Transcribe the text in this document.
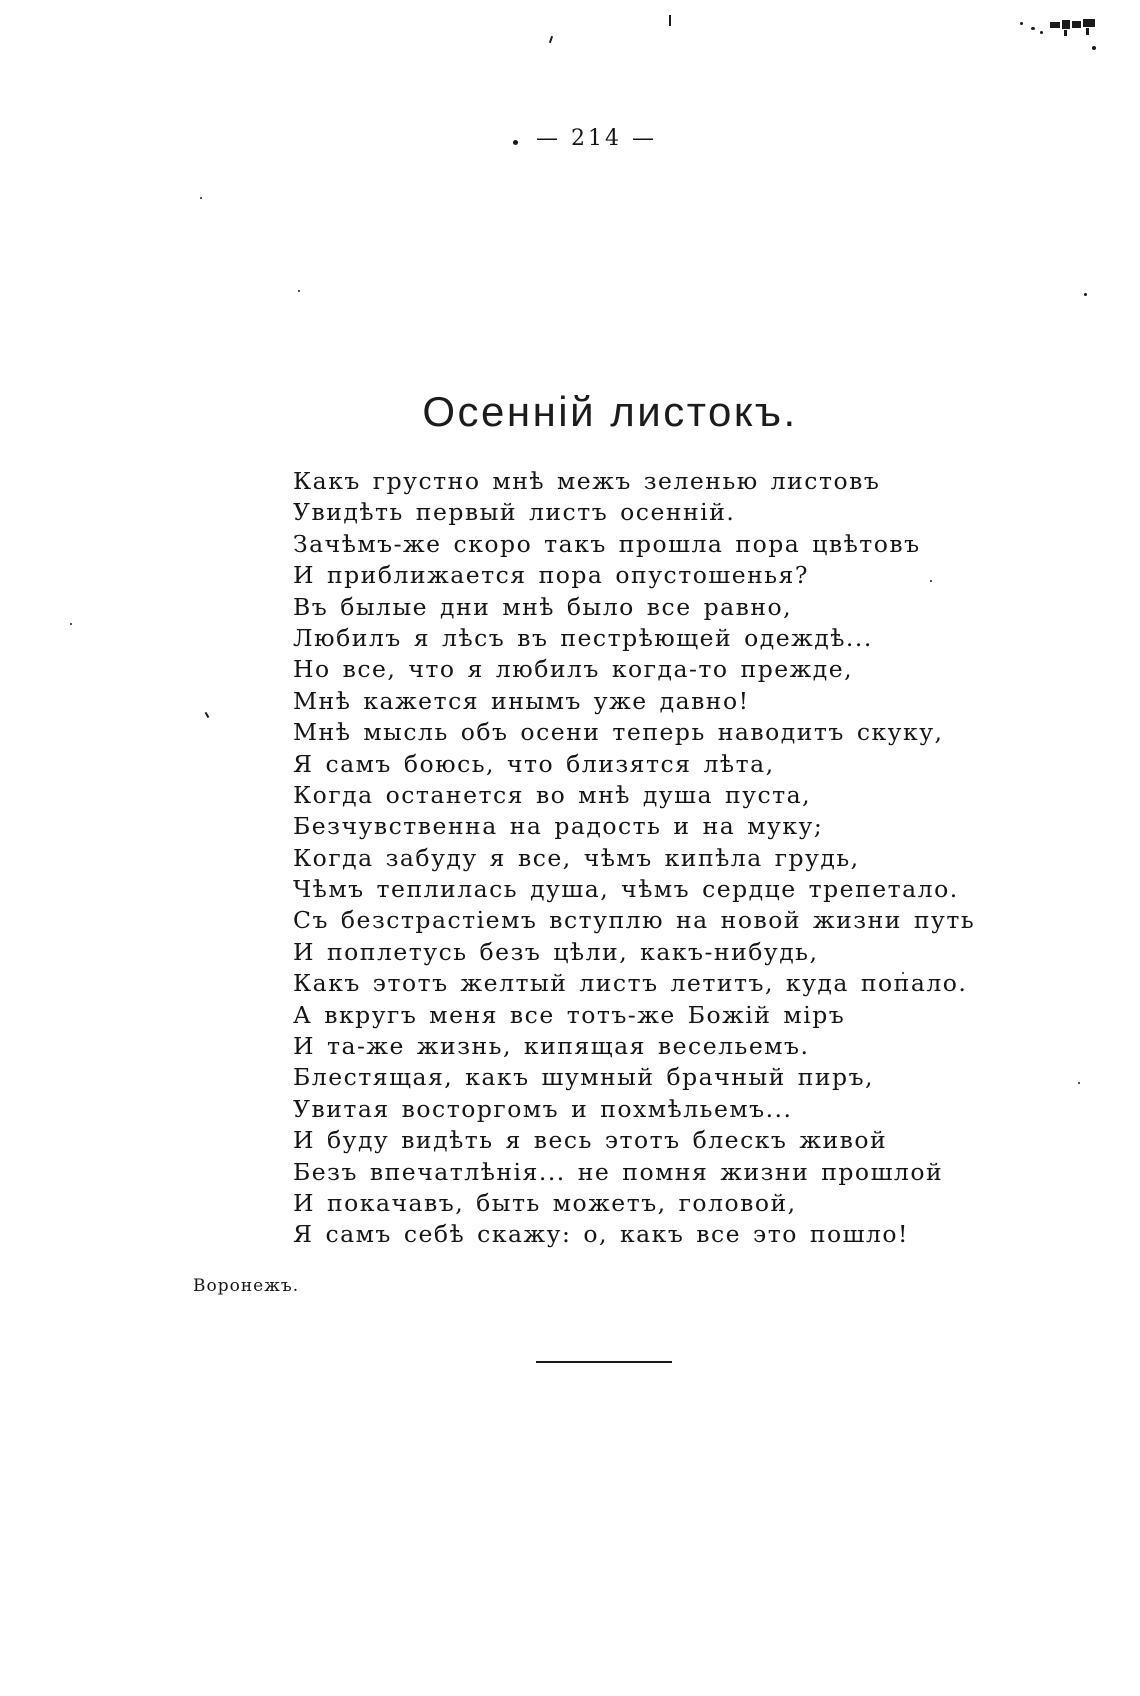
— 214 —
Осенній листокъ.
Какъ грустно мнѣ межъ зеленью листовъ
Увидѣть первый листъ осенній.
Зачѣмъ-же скоро такъ прошла пора цвѣтовъ
И приближается пора опустошенья?
Въ былые дни мнѣ было все равно,
Любилъ я лѣсъ въ пестрѣющей одеждѣ...
Но все, что я любилъ когда-то прежде,
Мнѣ кажется инымъ уже давно!
Мнѣ мысль объ осени теперь наводитъ скуку,
Я самъ боюсь, что близятся лѣта,
Когда останется во мнѣ душа пуста,
Безчувственна на радость и на муку;
Когда забуду я все, чѣмъ кипѣла грудь,
Чѣмъ теплилась душа, чѣмъ сердце трепетало.
Съ безстрастіемъ вступлю на новой жизни путь
И поплетусь безъ цѣли, какъ-нибудь,
Какъ этотъ желтый листъ летитъ, куда попало.
А вкругъ меня все тотъ-же Божій міръ
И та-же жизнь, кипящая весельемъ.
Блестящая, какъ шумный брачный пиръ,
Увитая восторгомъ и похмѣльемъ...
И буду видѣть я весь этотъ блескъ живой
Безъ впечатлѣнія... не помня жизни прошлой
И покачавъ, быть можетъ, головой,
Я самъ себѣ скажу: о, какъ все это пошло!
Воронежъ.
